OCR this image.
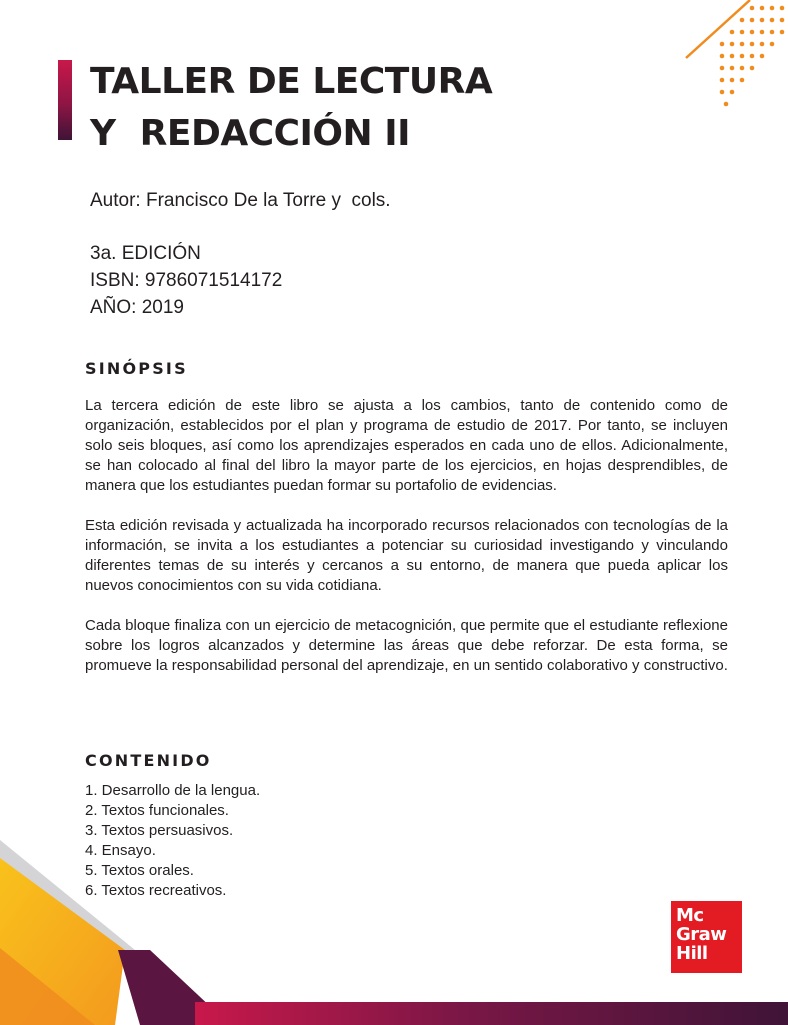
TALLER DE LECTURA
Y  REDACCIÓN II
Autor: Francisco De la Torre y  cols.
3a. EDICIÓN
ISBN: 9786071514172
AÑO: 2019
SINÓPSIS

La tercera edición de este libro se ajusta a los cambios, tanto de contenido como de organización, establecidos por el plan y programa de estudio de 2017. Por tanto, se incluyen solo seis bloques, así como los aprendizajes esperados en cada uno de ellos. Adicionalmente, se han colocado al final del libro la mayor parte de los ejercicios, en hojas desprendibles, de manera que los estudiantes puedan formar su portafolio de evidencias.

Esta edición revisada y actualizada ha incorporado recursos relacionados con tecnologías de la información, se invita a los estudiantes a potenciar su curiosidad investigando y vinculando diferentes temas de su interés y cercanos a su entorno, de manera que pueda aplicar los nuevos conocimientos con su vida cotidiana.

Cada bloque finaliza con un ejercicio de metacognición, que permite que el estudiante reflexione sobre los logros alcanzados y determine las áreas que debe reforzar. De esta forma, se promueve la responsabilidad personal del aprendizaje, en un sentido colaborativo y constructivo.

CONTENIDO
1. Desarrollo de la lengua.
2. Textos funcionales.
3. Textos persuasivos.
4. Ensayo.
5. Textos orales.
6. Textos recreativos.
Mc
Graw
Hill
